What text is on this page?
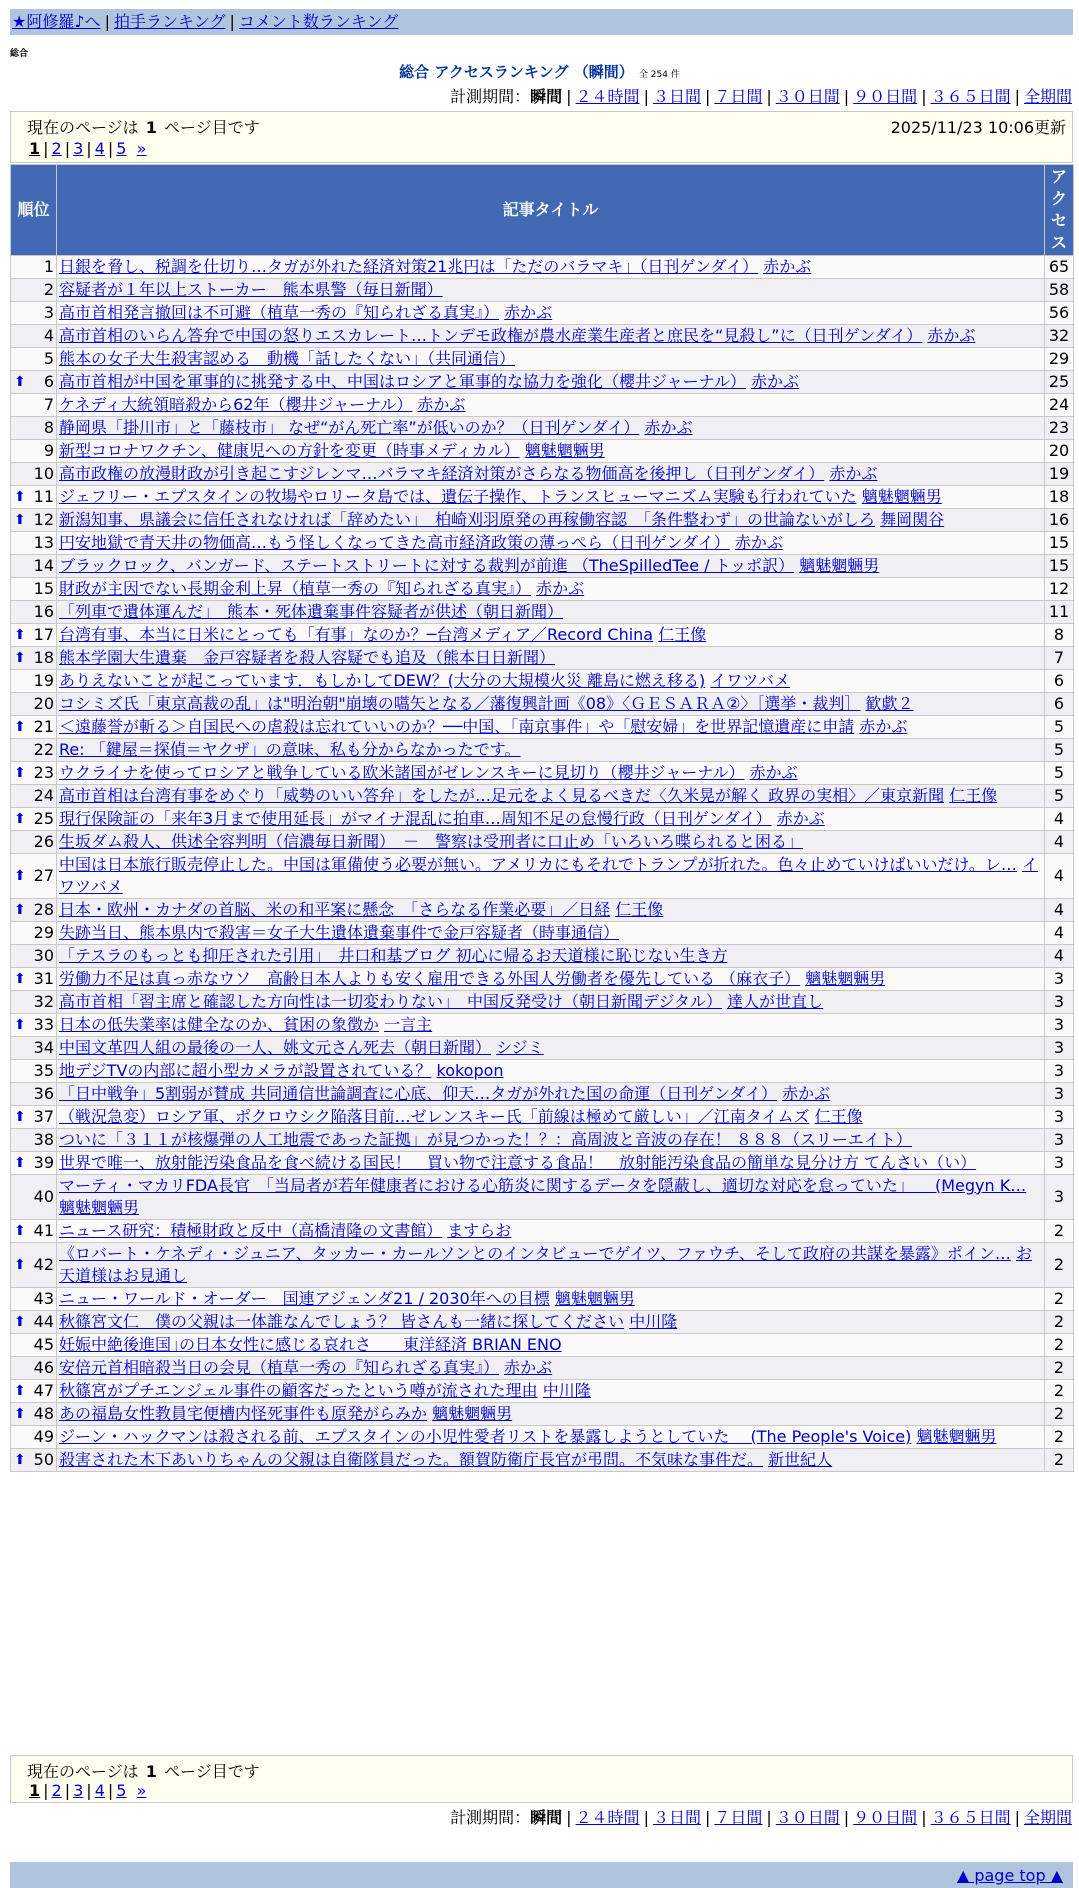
★阿修羅♪へ | 拍手ランキング | コメント数ランキング
総合
総合 アクセスランキング （瞬間） 全 254 件
計測期間：瞬間 | ２４時間 | ３日間 | ７日間 | ３０日間 | ９０日間 | ３６５日間 | 全期間
現在のページは 1 ページ目です	2025/11/23 10:06更新
1 | 2 | 3 | 4 | 5 »
順位	記事タイトル	アクセス
1	日銀を脅し、税調を仕切り…タガが外れた経済対策21兆円は「ただのバラマキ」（日刊ゲンダイ） 赤かぶ	65
2	容疑者が１年以上ストーカー　熊本県警（毎日新聞）	58
3	高市首相発言撤回は不可避（植草一秀の『知られざる真実』） 赤かぶ	56
4	高市首相のいらん答弁で中国の怒りエスカレート…トンデモ政権が農水産業生産者と庶民を“見殺し”に（日刊ゲンダイ） 赤かぶ	32
5	熊本の女子大生殺害認める　動機「話したくない」（共同通信）	29

⬆ 6	高市首相が中国を軍事的に挑発する中、中国はロシアと軍事的な協力を強化（櫻井ジャーナル） 赤かぶ	25
7	ケネディ大統領暗殺から62年（櫻井ジャーナル） 赤かぶ	24
8	静岡県「掛川市」と「藤枝市」 なぜ“がん死亡率”が低いのか？（日刊ゲンダイ） 赤かぶ	23
9	新型コロナワクチン、健康児への方針を変更（時事メディカル） 魑魅魍魎男	20
10	高市政権の放漫財政が引き起こすジレンマ…バラマキ経済対策がさらなる物価高を後押し（日刊ゲンダイ） 赤かぶ	19

⬆ 11	ジェフリー・エプスタインの牧場やロリータ島では、遺伝子操作、トランスヒューマニズム実験も行われていた 魑魅魍魎男	18

⬆ 12	新潟知事、県議会に信任されなければ「辞めたい」　柏崎刈羽原発の再稼働容認　「条件整わず」の世論ないがしろ 舞岡関谷	16
13	円安地獄で青天井の物価高…もう怪しくなってきた高市経済政策の薄っぺら（日刊ゲンダイ） 赤かぶ	15
14	ブラックロック、バンガード、ステートストリートに対する裁判が前進 （TheSpilledTee / トッポ訳） 魑魅魍魎男	15
15	財政が主因でない長期金利上昇（植草一秀の『知られざる真実』） 赤かぶ	12
16	「列車で遺体運んだ」　熊本・死体遺棄事件容疑者が供述（朝日新聞）	11

⬆ 17	台湾有事、本当に日米にとっても「有事」なのか？─台湾メディア／Record China 仁王像	8

⬆ 18	熊本学園大生遺棄　金戸容疑者を殺人容疑でも追及（熊本日日新聞）	7
19	ありえないことが起こっています．もしかしてDEW？(大分の大規模火災 離島に燃え移る) イワツバメ	6
20	コシミズ氏「東京高裁の乱」は"明治朝"崩壊の嚆矢となる／藩復興計画《08》〈ＧＥＳＡＲＡ②〉［選挙・裁判］ 歓歔２	6

⬆ 21	＜遠藤誉が斬る＞自国民への虐殺は忘れていいのか？──中国、「南京事件」や「慰安婦」を世界記憶遺産に申請 赤かぶ	5
22	Re: 「鍵屋＝探偵＝ヤクザ」の意味、私も分からなかったです。	5

⬆ 23	ウクライナを使ってロシアと戦争している欧米諸国がゼレンスキーに見切り（櫻井ジャーナル） 赤かぶ	5
24	高市首相は台湾有事をめぐり「威勢のいい答弁」をしたが…足元をよく見るべきだ〈久米晃が解く 政界の実相〉／東京新聞 仁王像	5

⬆ 25	現行保険証の「来年3月まで使用延長」がマイナ混乱に拍車…周知不足の怠慢行政（日刊ゲンダイ） 赤かぶ	4
26	生坂ダム殺人、供述全容判明（信濃毎日新聞）　－　警察は受刑者に口止め「いろいろ喋られると困る」	4

⬆ 27	中国は日本旅行販売停止した。中国は軍備使う必要が無い。アメリカにもそれでトランプが折れた。色々止めていけばいいだけ。レ… イワツバメ	4

⬆ 28	日本・欧州・カナダの首脳、米の和平案に懸念　「さらなる作業必要」／日経 仁王像	4
29	失跡当日、熊本県内で殺害＝女子大生遺体遺棄事件で金戸容疑者（時事通信）	4
30	「テスラのもっとも抑圧された引用」　井口和基ブログ 初心に帰るお天道様に恥じない生き方	4

⬆ 31	労働力不足は真っ赤なウソ　高齢日本人よりも安く雇用できる外国人労働者を優先している （麻衣子） 魑魅魍魎男	3
32	高市首相「習主席と確認した方向性は一切変わりない」　中国反発受け（朝日新聞デジタル） 達人が世直し	3

⬆ 33	日本の低失業率は健全なのか、貧困の象徴か 一言主	3
34	中国文革四人組の最後の一人、姚文元さん死去（朝日新聞） シジミ	3
35	地デジTVの内部に超小型カメラが設置されている？ kokopon	3
36	「日中戦争」5割弱が賛成 共同通信世論調査に心底、仰天…タガが外れた国の命運（日刊ゲンダイ） 赤かぶ	3

⬆ 37	（戦況急変）ロシア軍、ポクロウシク陥落目前…ゼレンスキー氏「前線は極めて厳しい」／江南タイムズ 仁王像	3
38	ついに「３１１が核爆弾の人工地震であった証拠」が見つかった！？：高周波と音波の存在！ ８８８（スリーエイト）	3

⬆ 39	世界で唯一、放射能汚染食品を食べ続ける国民！　買い物で注意する食品！　放射能汚染食品の簡単な見分け方 てんさい（い）	3
40	マーティ・マカリFDA長官　「当局者が若年健康者における心筋炎に関するデータを隠蔽し、適切な対応を怠っていた」 　(Megyn K… 魑魅魍魎男	3

⬆ 41	ニュース研究：積極財政と反中（高橋清隆の文書館） ますらお	2

⬆ 42	《ロバート・ケネディ・ジュニア、タッカー・カールソンとのインタビューでゲイツ、ファウチ、そして政府の共謀を暴露》ポイン… お天道様はお見通し	2
43	ニュー・ワールド・オーダー　国連アジェンダ21 / 2030年への目標 魑魅魍魎男	2

⬆ 44	秋篠宮文仁　僕の父親は一体誰なんでしょう？ 皆さんも一緒に探してください 中川隆	2
45	妊娠中絶後進国｣の日本女性に感じる哀れさ　　東洋経済 BRIAN ENO	2
46	安倍元首相暗殺当日の会見（植草一秀の『知られざる真実』） 赤かぶ	2

⬆ 47	秋篠宮がプチエンジェル事件の顧客だったという噂が流された理由 中川隆	2

⬆ 48	あの福島女性教員宅便槽内怪死事件も原発がらみか 魑魅魍魎男	2
49	ジーン・ハックマンは殺される前、エプスタインの小児性愛者リストを暴露しようとしていた 　(The People's Voice) 魑魅魍魎男	2

⬆ 50	殺害された木下あいりちゃんの父親は自衛隊員だった。額賀防衛庁長官が弔問。不気味な事件だ。 新世紀人	2
現在のページは 1 ページ目です
1 | 2 | 3 | 4 | 5 »
計測期間：瞬間 | ２４時間 | ３日間 | ７日間 | ３０日間 | ９０日間 | ３６５日間 | 全期間
▲ page top ▲
